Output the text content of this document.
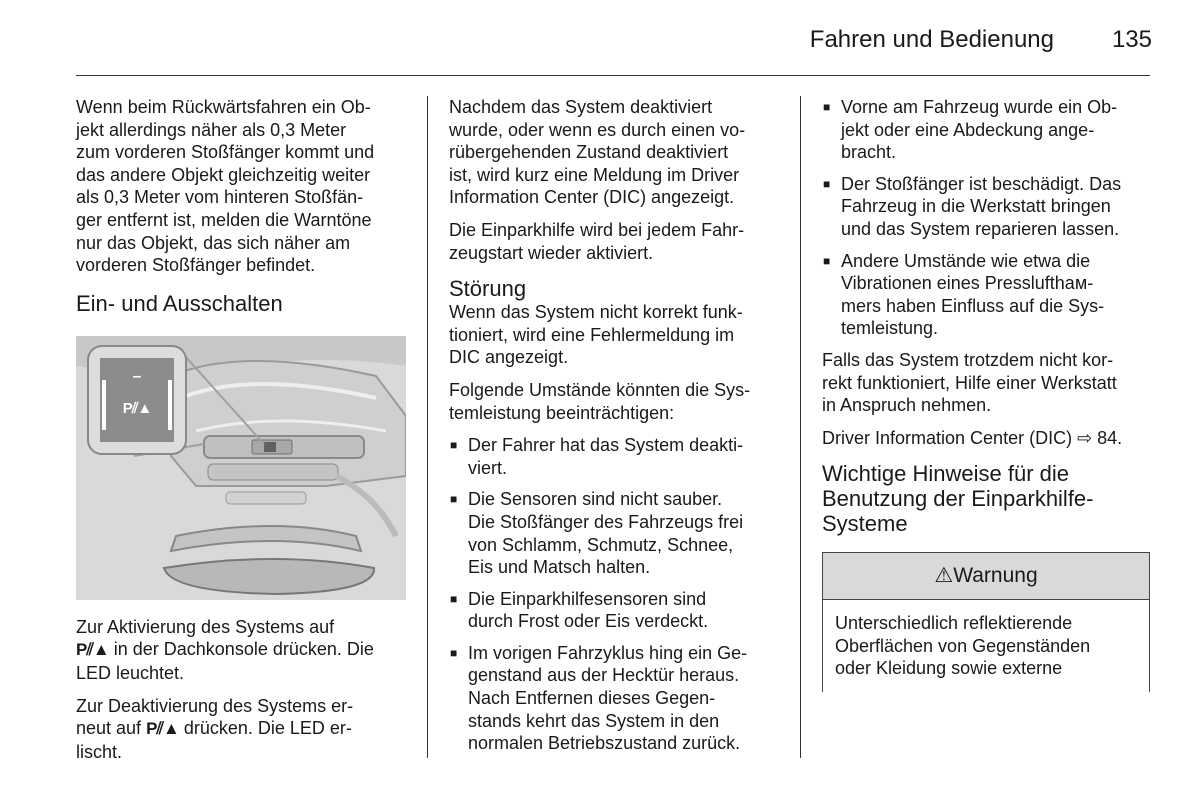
Fahren und Bedienung 135

Wenn beim Rückwärtsfahren ein Ob-
jekt allerdings näher als 0,3 Meter
zum vorderen Stoßfänger kommt und
das andere Objekt gleichzeitig weiter
als 0,3 Meter vom hinteren Stoßfän-
ger entfernt ist, melden die Warntöne
nur das Objekt, das sich näher am
vorderen Stoßfänger befindet.

Ein- und Ausschalten
–
P⫽▲

Zur Aktivierung des Systems auf
P⫽▲ in der Dachkonsole drücken. Die
LED leuchtet.

Zur Deaktivierung des Systems er-
neut auf P⫽▲ drücken. Die LED er-
lischt.

Nachdem das System deaktiviert
wurde, oder wenn es durch einen vo-
rübergehenden Zustand deaktiviert
ist, wird kurz eine Meldung im Driver
Information Center (DIC) angezeigt.

Die Einparkhilfe wird bei jedem Fahr-
zeugstart wieder aktiviert.

Störung

Wenn das System nicht korrekt funk-
tioniert, wird eine Fehlermeldung im
DIC angezeigt.

Folgende Umstände könnten die Sys-
temleistung beeinträchtigen:

■ Der Fahrer hat das System deakti-
viert.
■ Die Sensoren sind nicht sauber.
Die Stoßfänger des Fahrzeugs frei
von Schlamm, Schmutz, Schnee,
Eis und Matsch halten.
■ Die Einparkhilfesensoren sind
durch Frost oder Eis verdeckt.
■ Im vorigen Fahrzyklus hing ein Ge-
genstand aus der Hecktür heraus.
Nach Entfernen dieses Gegen-
stands kehrt das System in den
normalen Betriebszustand zurück.
■ Vorne am Fahrzeug wurde ein Ob-
jekt oder eine Abdeckung ange-
bracht.
■ Der Stoßfänger ist beschädigt. Das
Fahrzeug in die Werkstatt bringen
und das System reparieren lassen.
■ Andere Umstände wie etwa die
Vibrationen eines Presslufthам-
mers haben Einfluss auf die Sys-
temleistung.

Falls das System trotzdem nicht kor-
rekt funktioniert, Hilfe einer Werkstatt
in Anspruch nehmen.

Driver Information Center (DIC) ⇨ 84.

Wichtige Hinweise für die
Benutzung der Einparkhilfe-
Systeme
⚠Warnung
Unterschiedlich reflektierende
Oberflächen von Gegenständen
oder Kleidung sowie externe
